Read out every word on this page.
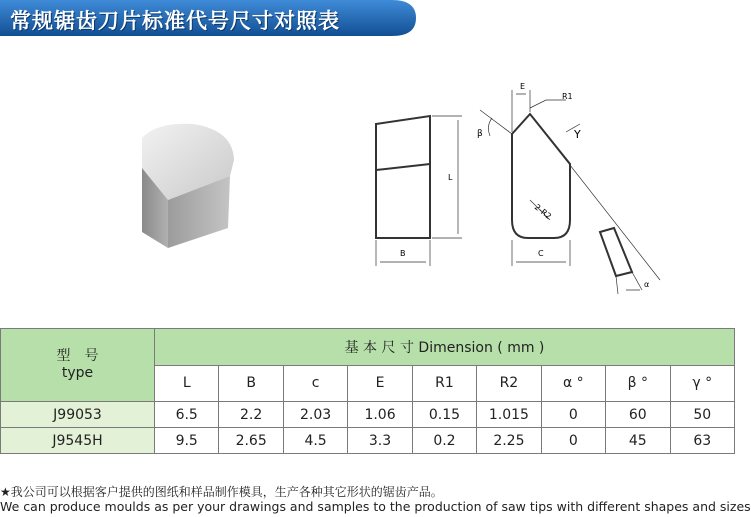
常规锯齿刀片标准代号尺寸对照表
E
R1
β	Y
L
B
2-R2
C
α
型　号
type	基 本 尺 寸 Dimension ( mm )								
	L	B	c	E	R1	R2	α °	β °	γ °
J99053	6.5	2.2	2.03	1.06	0.15	1.015	0	60	50
J9545H	9.5	2.65	4.5	3.3	0.2	2.25	0	45	63
★我公司可以根据客户提供的图纸和样品制作模具，生产各种其它形状的锯齿产品。
We can produce moulds as per your drawings and samples to the production of saw tips with different shapes and sizes
